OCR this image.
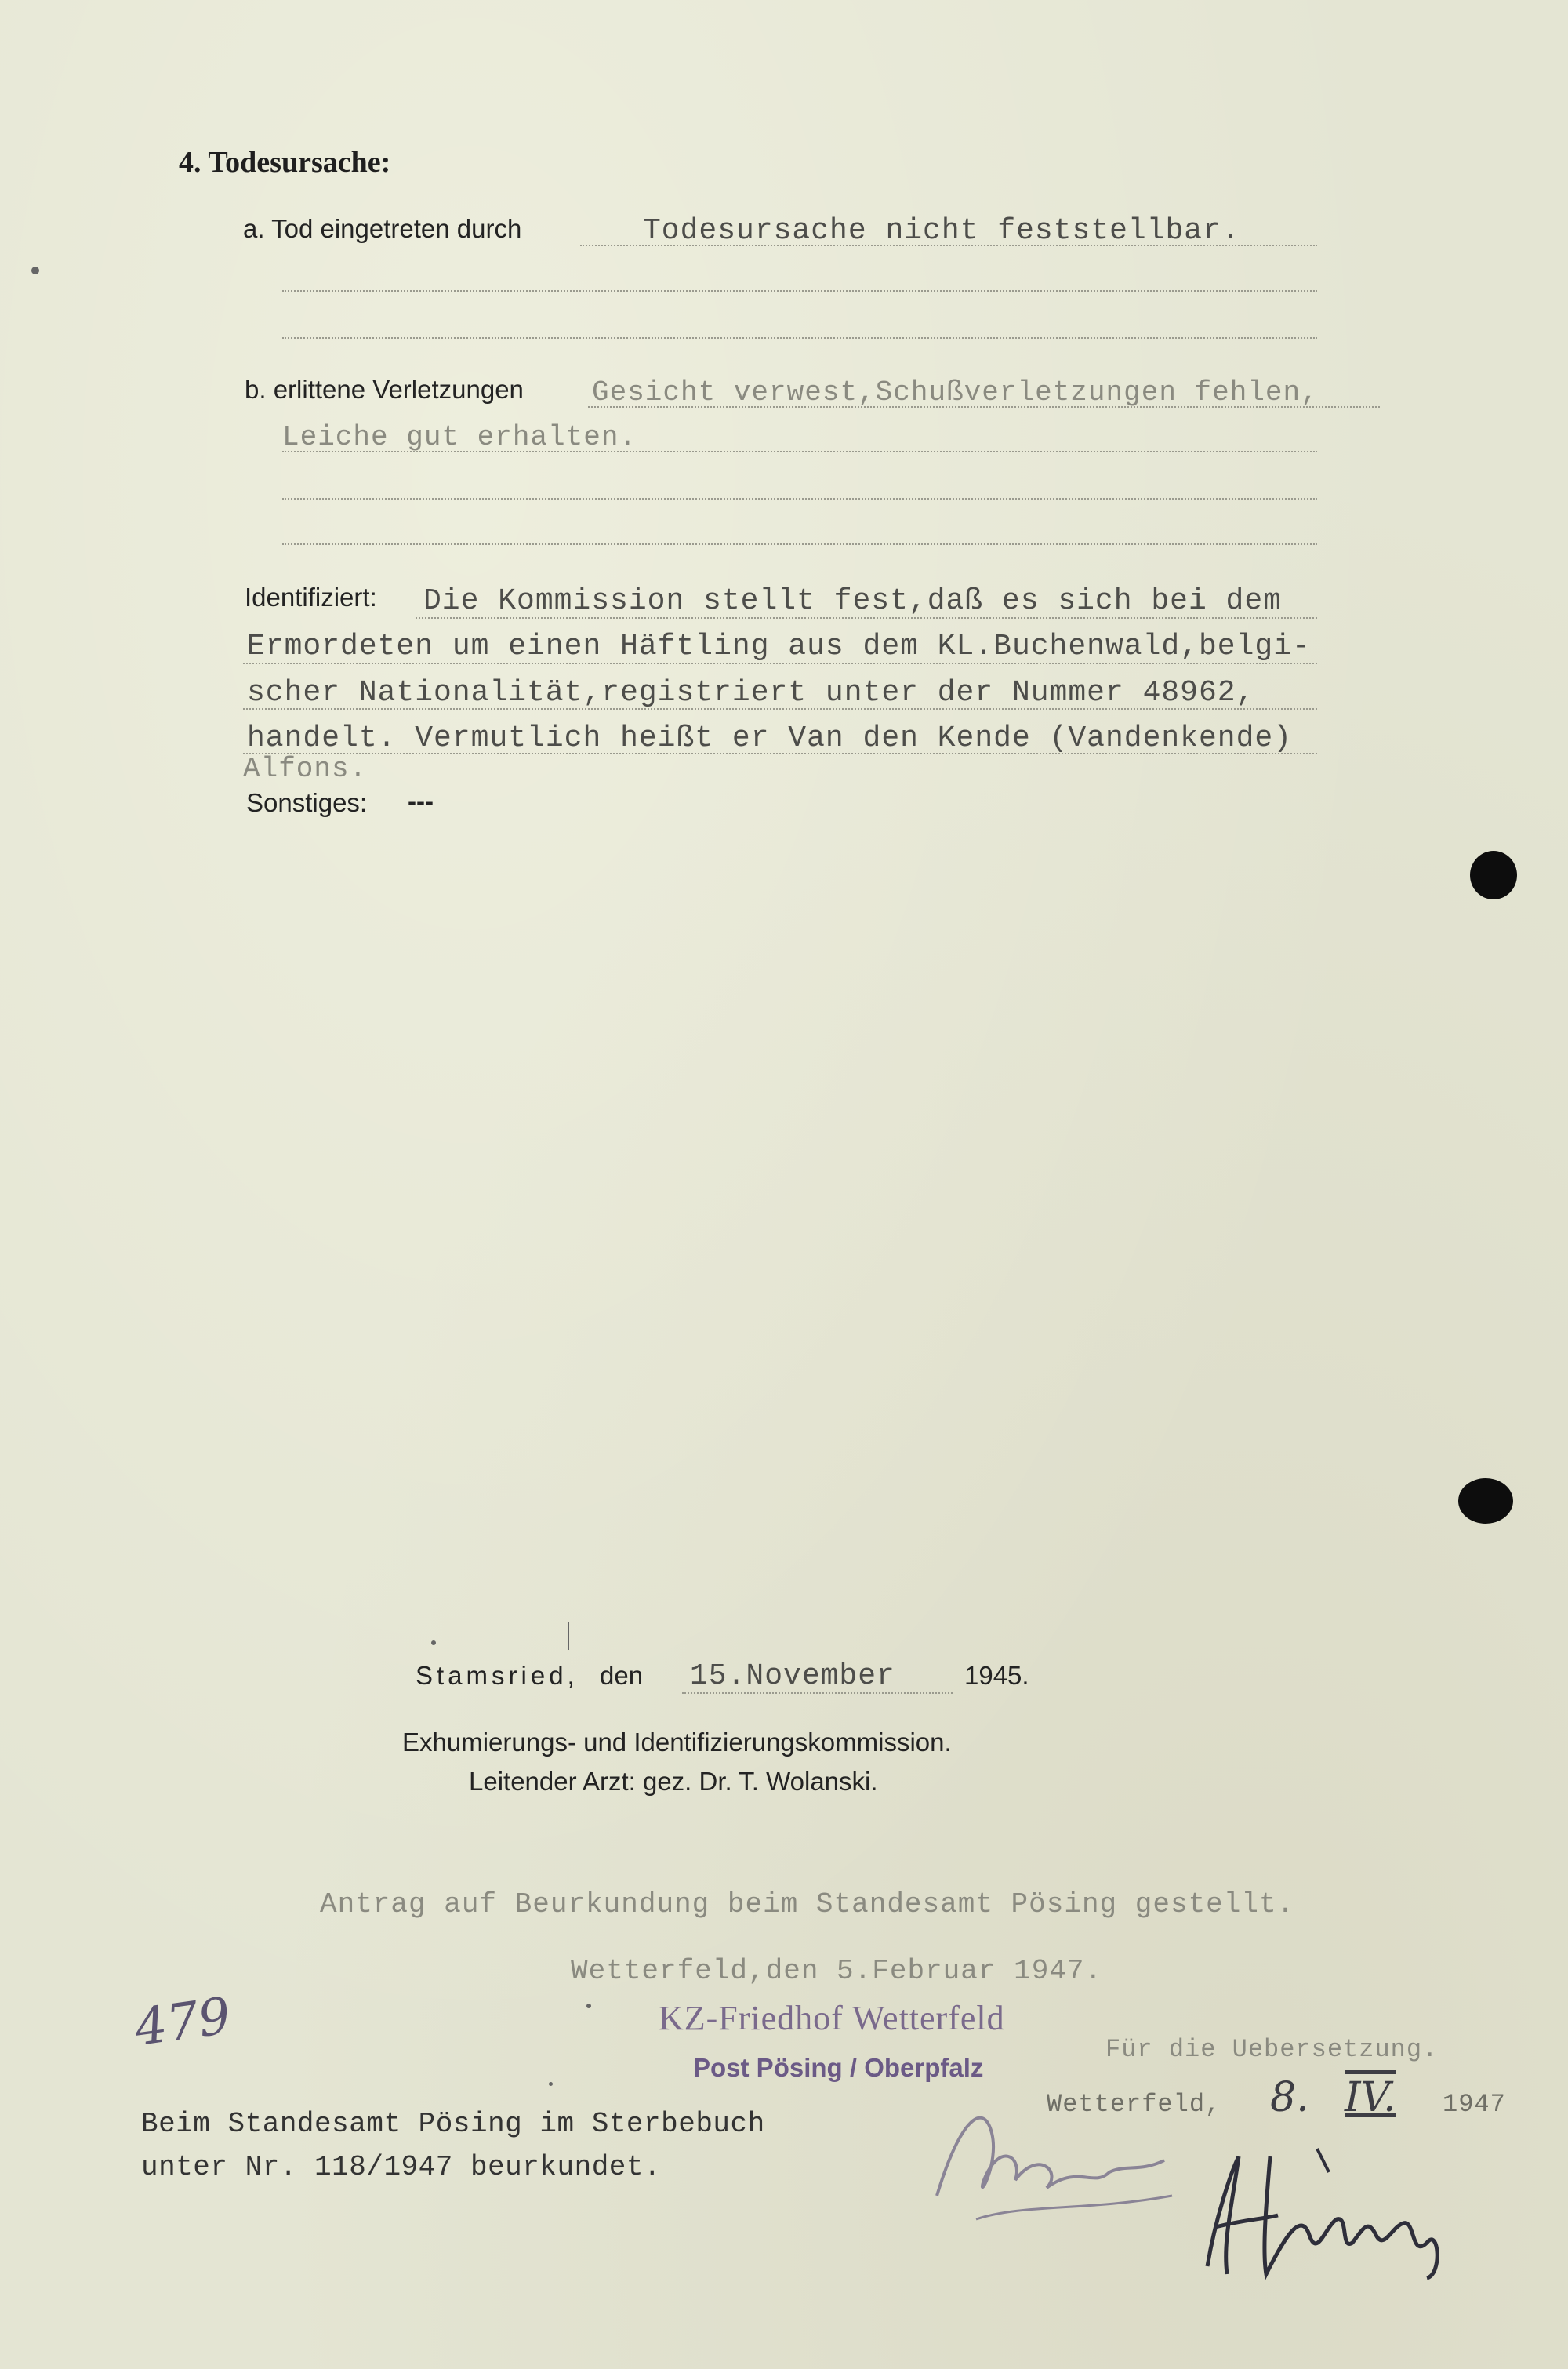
4. Todesursache:
a. Tod eingetreten durch	Todesursache nicht feststellbar.
b. erlittene Verletzungen Gesicht verwest,Schußverletzungen fehlen,
Leiche gut erhalten.
Identifiziert: Die Kommission stellt fest,daß es sich bei dem
Ermordeten um einen Häftling aus dem KL.Buchenwald,belgi-
scher Nationalität,registriert unter der Nummer 48962,
handelt. Vermutlich heißt er Van den Kende (Vandenkende)
Alfons.
Sonstiges: ---
Stamsried, den 15.November	1945.
Exhumierungs- und Identifizierungskommission.
Leitender Arzt: gez. Dr. T. Wolanski.
Antrag auf Beurkundung beim Standesamt Pösing gestellt.
Wetterfeld,den 5.Februar 1947.
479	KZ-Friedhof Wetterfeld
Post Pösing / Oberpfalz
Für die Uebersetzung.
Wetterfeld, 8. IV. 1947
Beim Standesamt Pösing im Sterbebuch
unter Nr. 118/1947 beurkundet.
